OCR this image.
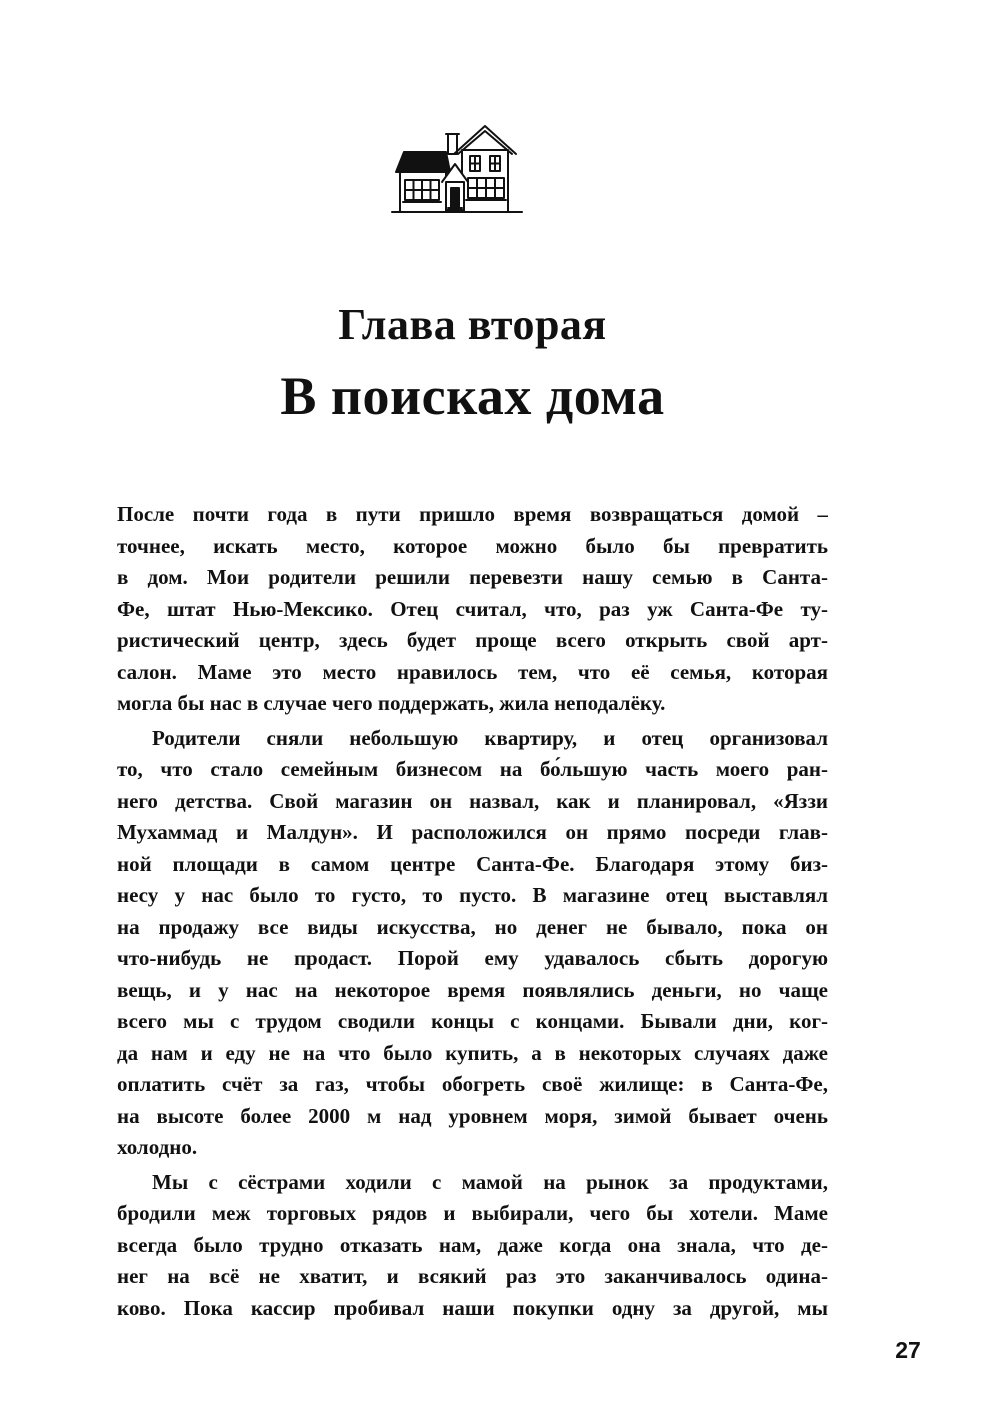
Глава вторая
В поисках дома
После почти года в пути пришло время возвращаться домой –
точнее, искать место, которое можно было бы превратить
в дом. Мои родители решили перевезти нашу семью в Санта-
Фе, штат Нью-Мексико. Отец считал, что, раз уж Санта-Фе ту-
ристический центр, здесь будет проще всего открыть свой арт-
салон. Маме это место нравилось тем, что её семья, которая
могла бы нас в случае чего поддержать, жила неподалёку.
Родители сняли небольшую квартиру, и отец организовал
то, что стало семейным бизнесом на бо́льшую часть моего ран-
него детства. Свой магазин он назвал, как и планировал, «Яззи
Мухаммад и Малдун». И расположился он прямо посреди глав-
ной площади в самом центре Санта-Фе. Благодаря этому биз-
несу у нас было то густо, то пусто. В магазине отец выставлял
на продажу все виды искусства, но денег не бывало, пока он
что-нибудь не продаст. Порой ему удавалось сбыть дорогую
вещь, и у нас на некоторое время появлялись деньги, но чаще
всего мы с трудом сводили концы с концами. Бывали дни, ког-
да нам и еду не на что было купить, а в некоторых случаях даже
оплатить счёт за газ, чтобы обогреть своё жилище: в Санта-Фе,
на высоте более 2000 м над уровнем моря, зимой бывает очень
холодно.
Мы с сёстрами ходили с мамой на рынок за продуктами,
бродили меж торговых рядов и выбирали, чего бы хотели. Маме
всегда было трудно отказать нам, даже когда она знала, что де-
нег на всё не хватит, и всякий раз это заканчивалось одина-
ково. Пока кассир пробивал наши покупки одну за другой, мы
27
